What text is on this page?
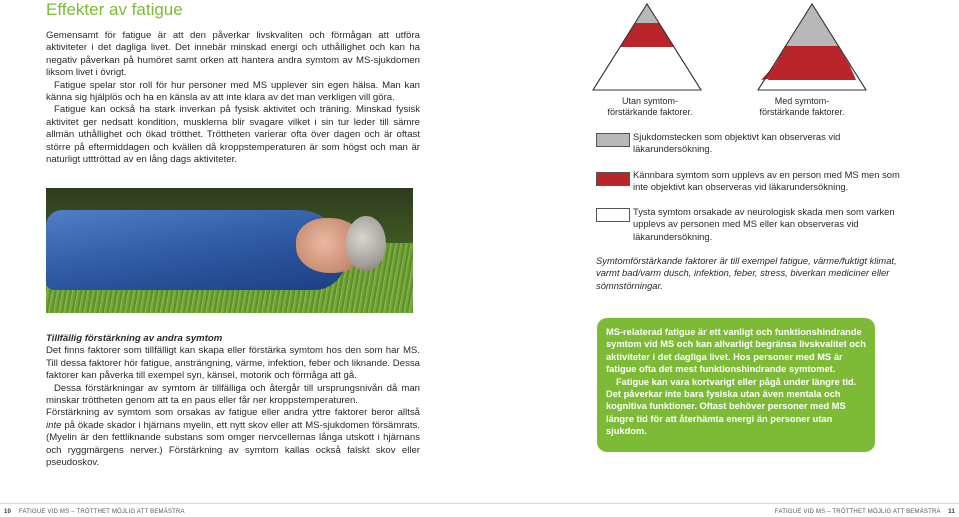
Effekter av fatigue

Gemensamt för fatigue är att den påverkar livskvaliten och förmågan att utföra aktiviteter i det dagliga livet. Det innebär minskad energi och uthållighet och kan ha negativ påverkan på humöret samt orken att hantera andra symtom av MS-sjukdomen liksom livet i övrigt.

Fatigue spelar stor roll för hur personer med MS upplever sin egen hälsa. Man kan känna sig hjälplös och ha en känsla av att inte klara av det man verkligen vill göra.

Fatigue kan också ha stark inverkan på fysisk aktivitet och träning. Minskad fysisk aktivitet ger nedsatt kondition, musklerna blir svagare vilket i sin tur leder till sämre allmän uthållighet och ökad trötthet. Tröttheten varierar ofta över dagen och är oftast större på eftermiddagen och kvällen då kroppstemperaturen är som högst och man är naturligt utttröttad av en lång dags aktiviteter.

Tillfällig förstärkning av andra symtom

Det finns faktorer som tillfälligt kan skapa eller förstärka symtom hos den som har MS. Till dessa faktorer hör fatigue, ansträngning, värme, infektion, feber och liknande. Dessa faktorer kan påverka till exempel syn, känsel, motorik och förmåga att gå.

Dessa förstärkningar av symtom är tillfälliga och återgår till ursprungsnivån då man minskar tröttheten genom att ta en paus eller får ner kroppstemperaturen.

Förstärkning av symtom som orsakas av fatigue eller andra yttre faktorer beror alltså inte på ökade skador i hjärnans myelin, ett nytt skov eller att MS-sjukdomen försämrats. (Myelin är den fettliknande substans som omger nervcellernas långa utskott i hjärnans och ryggmärgens nerver.) Förstärkning av symtom kallas också falskt skov eller pseudoskov.

10 FATIGUE VID MS – TRÖTTHET MÖJLIG ATT BEMÄSTRA
Utan symtom-
förstärkande faktorer.
Med symtom-
förstärkande faktorer.
Sjukdomstecken som objektivt kan observeras vid läkarundersökning.
Kännbara symtom som upplevs av en person med MS men som inte objektivt kan observeras vid läkarundersökning.
Tysta symtom orsakade av neurologisk skada men som varken upplevs av personen med MS eller kan observeras vid läkarundersökning.
Symtomförstärkande faktorer är till exempel fatigue, värme/fuktigt klimat, varmt bad/varm dusch, infektion, feber, stress, biverkan mediciner eller sömnstörningar.

MS-relaterad fatigue är ett vanligt och funktionshindrande symtom vid MS och kan allvarligt begränsa livskvalitet och aktiviteter i det dagliga livet. Hos personer med MS är fatigue ofta det mest funktionshindrande symtomet.

Fatigue kan vara kortvarigt eller pågå under längre tid. Det påverkar inte bara fysiska utan även mentala och kognitiva funktioner. Oftast behöver personer med MS längre tid för att återhämta energi än personer utan sjukdom.

FATIGUE VID MS – TRÖTTHET MÖJLIG ATT BEMÄSTRA 11
